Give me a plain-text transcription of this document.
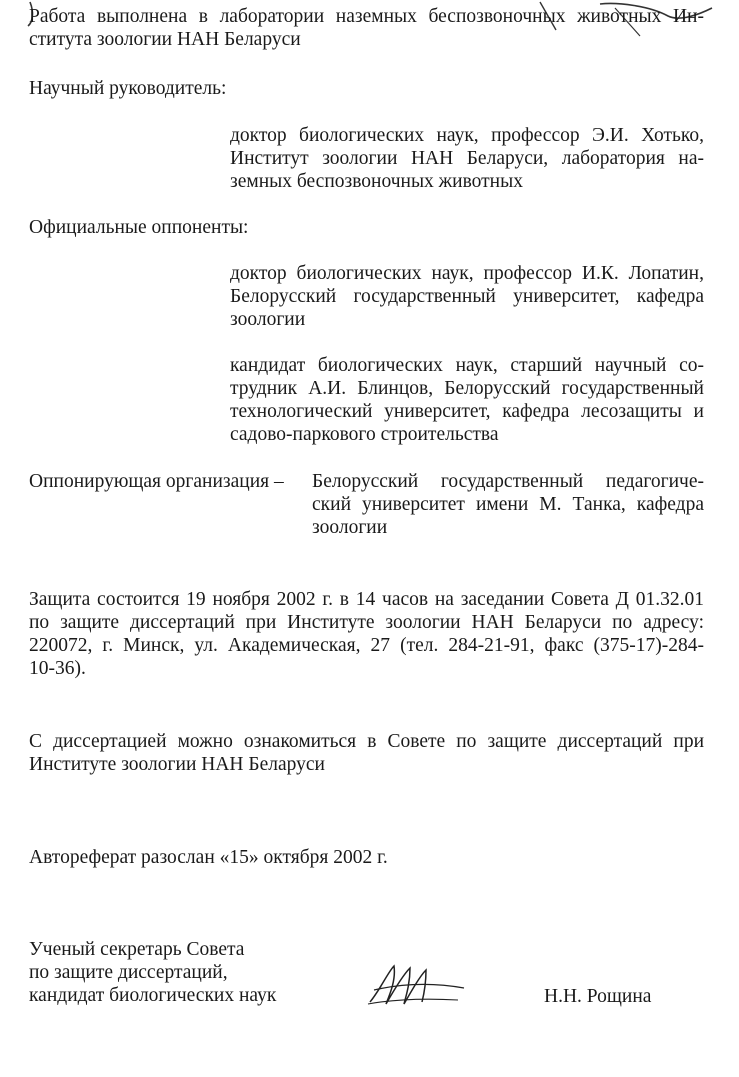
Работа выполнена в лаборатории наземных беспозвоночных животных Ин-
ститута зоологии НАН Беларуси
Научный руководитель:
доктор биологических наук, профессор Э.И. Хотько,
Институт зоологии НАН Беларуси, лаборатория на-
земных беспозвоночных животных
Официальные оппоненты:
доктор биологических наук, профессор И.К. Лопатин,
Белорусский государственный университет, кафедра
зоологии
кандидат биологических наук, старший научный со-
трудник А.И. Блинцов, Белорусский государственный
технологический университет, кафедра лесозащиты и
садово-паркового строительства
Оппонирующая организация – Белорусский государственный педагогиче-
ский университет имени М. Танка, кафедра
зоологии
Защита состоится 19 ноября 2002 г. в 14 часов на заседании Совета Д 01.32.01
по защите диссертаций при Институте зоологии НАН Беларуси по адресу:
220072, г. Минск, ул. Академическая, 27 (тел. 284-21-91, факс (375-17)-284-
10-36).
С диссертацией можно ознакомиться в Совете по защите диссертаций при
Институте зоологии НАН Беларуси
Автореферат разослан «15» октября 2002 г.
Ученый секретарь Совета
по защите диссертаций,
кандидат биологических наук	Н.Н. Рощина
